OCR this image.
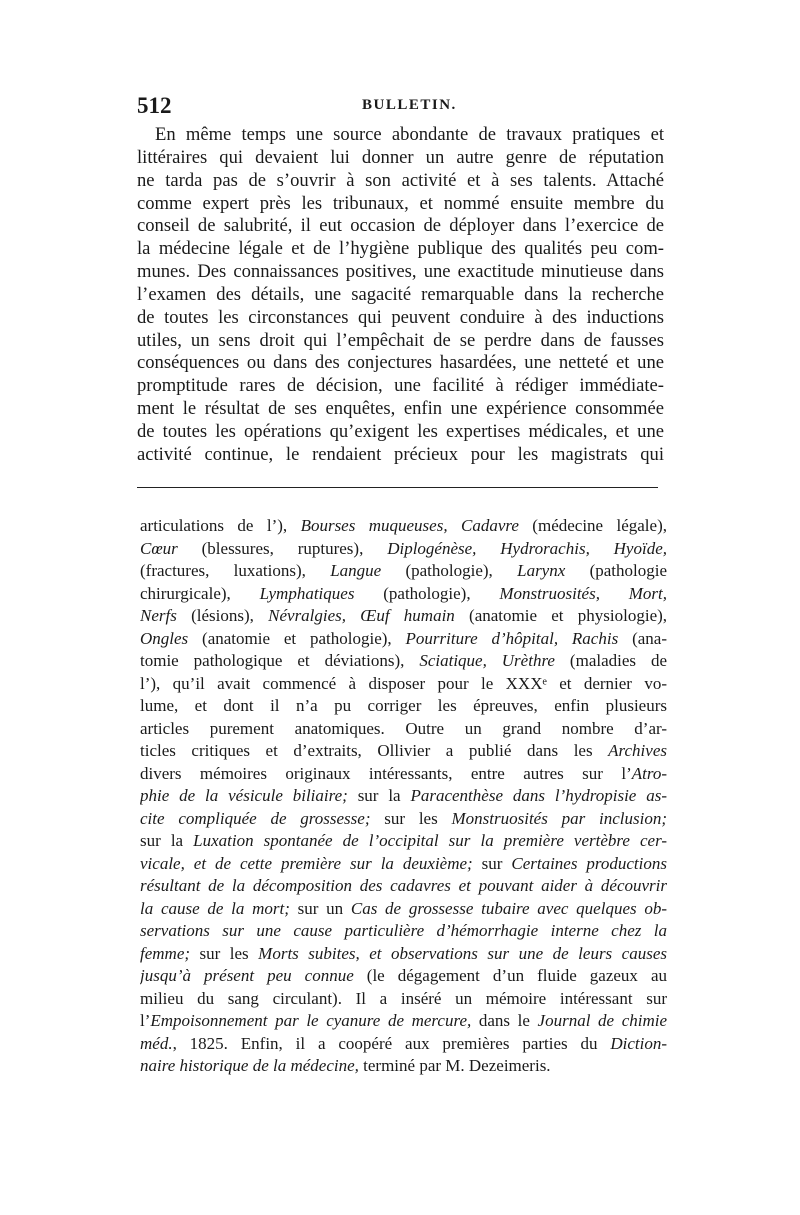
512	BULLETIN.
En même temps une source abondante de travaux pratiques et
littéraires qui devaient lui donner un autre genre de réputation
ne tarda pas de s’ouvrir à son activité et à ses talents. Attaché
comme expert près les tribunaux, et nommé ensuite membre du
conseil de salubrité, il eut occasion de déployer dans l’exercice de
la médecine légale et de l’hygiène publique des qualités peu com-
munes. Des connaissances positives, une exactitude minutieuse dans
l’examen des détails, une sagacité remarquable dans la recherche
de toutes les circonstances qui peuvent conduire à des inductions
utiles, un sens droit qui l’empêchait de se perdre dans de fausses
conséquences ou dans des conjectures hasardées, une netteté et une
promptitude rares de décision, une facilité à rédiger immédiate-
ment le résultat de ses enquêtes, enfin une expérience consommée
de toutes les opérations qu’exigent les expertises médicales, et une
activité continue, le rendaient précieux pour les magistrats qui
articulations de l’), Bourses muqueuses, Cadavre (médecine légale),
Cœur (blessures, ruptures), Diplogénèse, Hydrorachis, Hyoïde,
(fractures, luxations), Langue (pathologie), Larynx (pathologie
chirurgicale), Lymphatiques (pathologie), Monstruosités, Mort,
Nerfs (lésions), Névralgies, Œuf humain (anatomie et physiologie),
Ongles (anatomie et pathologie), Pourriture d’hôpital, Rachis (ana-
tomie pathologique et déviations), Sciatique, Urèthre (maladies de
l’), qu’il avait commencé à disposer pour le XXXᵉ et dernier vo-
lume, et dont il n’a pu corriger les épreuves, enfin plusieurs
articles purement anatomiques. Outre un grand nombre d’ar-
ticles critiques et d’extraits, Ollivier a publié dans les Archives
divers mémoires originaux intéressants, entre autres sur l’Atro-
phie de la vésicule biliaire; sur la Paracenthèse dans l’hydropisie as-
cite compliquée de grossesse; sur les Monstruosités par inclusion;
sur la Luxation spontanée de l’occipital sur la première vertèbre cer-
vicale, et de cette première sur la deuxième; sur Certaines productions
résultant de la décomposition des cadavres et pouvant aider à découvrir
la cause de la mort; sur un Cas de grossesse tubaire avec quelques ob-
servations sur une cause particulière d’hémorrhagie interne chez la
femme; sur les Morts subites, et observations sur une de leurs causes
jusqu’à présent peu connue (le dégagement d’un fluide gazeux au
milieu du sang circulant). Il a inséré un mémoire intéressant sur
l’Empoisonnement par le cyanure de mercure, dans le Journal de chimie
méd., 1825. Enfin, il a coopéré aux premières parties du Diction-
naire historique de la médecine, terminé par M. Dezeimeris.
